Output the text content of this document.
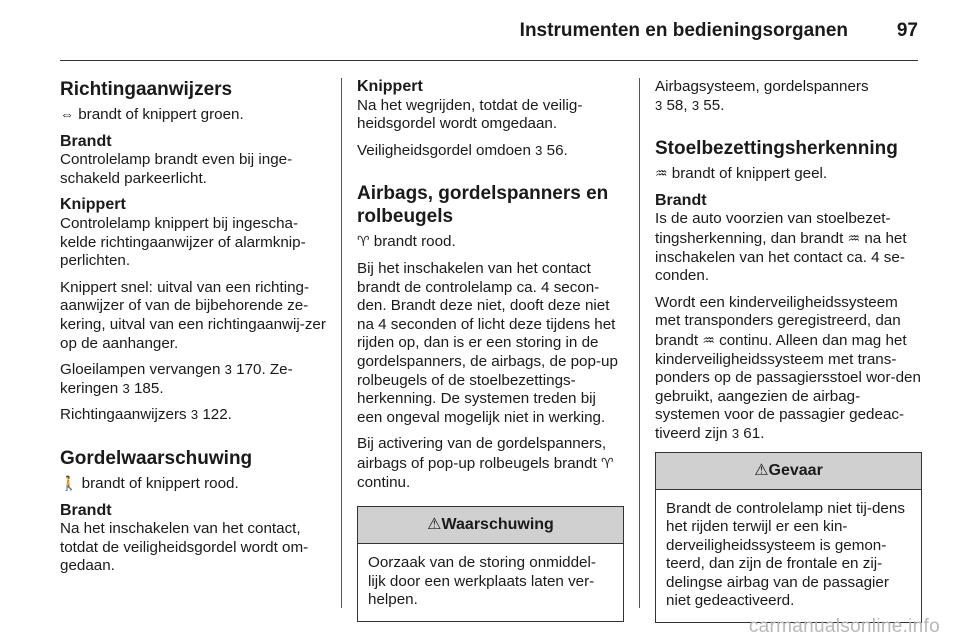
Instrumenten en bedieningsorganen	97
Richtingaanwijzers
⇔ brandt of knippert groen.
Brandt
Controlelamp brandt even bij inge-schakeld parkeerlicht.
Knippert
Controlelamp knippert bij ingescha-kelde richtingaanwijzer of alarmknip-perlichten.
Knippert snel: uitval van een richting-aanwijzer of van de bijbehorende ze-kering, uitval van een richtingaanwij-zer op de aanhanger.
Gloeilampen vervangen 3 170. Ze-keringen 3 185.
Richtingaanwijzers 3 122.
Gordelwaarschuwing
🚶 brandt of knippert rood.
Brandt
Na het inschakelen van het contact, totdat de veiligheidsgordel wordt om-gedaan.
Knippert
Na het wegrijden, totdat de veilig-heidsgordel wordt omgedaan.
Veiligheidsgordel omdoen 3 56.
Airbags, gordelspanners en rolbeugels
♈ brandt rood.
Bij het inschakelen van het contact brandt de controlelamp ca. 4 secon-den. Brandt deze niet, dooft deze niet na 4 seconden of licht deze tijdens het rijden op, dan is er een storing in de gordelspanners, de airbags, de pop-up rolbeugels of de stoelbezettings-herkenning. De systemen treden bij een ongeval mogelijk niet in werking.
Bij activering van de gordelspanners, airbags of pop-up rolbeugels brandt ♈ continu.
⚠Waarschuwing
Oorzaak van de storing onmiddel-lijk door een werkplaats laten ver-helpen.
Airbagsysteem, gordelspanners
3 58, 3 55.
Stoelbezettingsherkenning
♒ brandt of knippert geel.
Brandt
Is de auto voorzien van stoelbezet-tingsherkenning, dan brandt ♒ na het inschakelen van het contact ca. 4 se-conden.
Wordt een kinderveiligheidssysteem met transponders geregistreerd, dan brandt ♒ continu. Alleen dan mag het kinderveiligheidssysteem met trans-ponders op de passagiersstoel wor-den gebruikt, aangezien de airbag-systemen voor de passagier gedeac-tiveerd zijn 3 61.
⚠Gevaar
Brandt de controlelamp niet tij-dens het rijden terwijl er een kin-derveiligheidssysteem is gemon-teerd, dan zijn de frontale en zij-delingse airbag van de passagier niet gedeactiveerd.
carmanualsonline.info
